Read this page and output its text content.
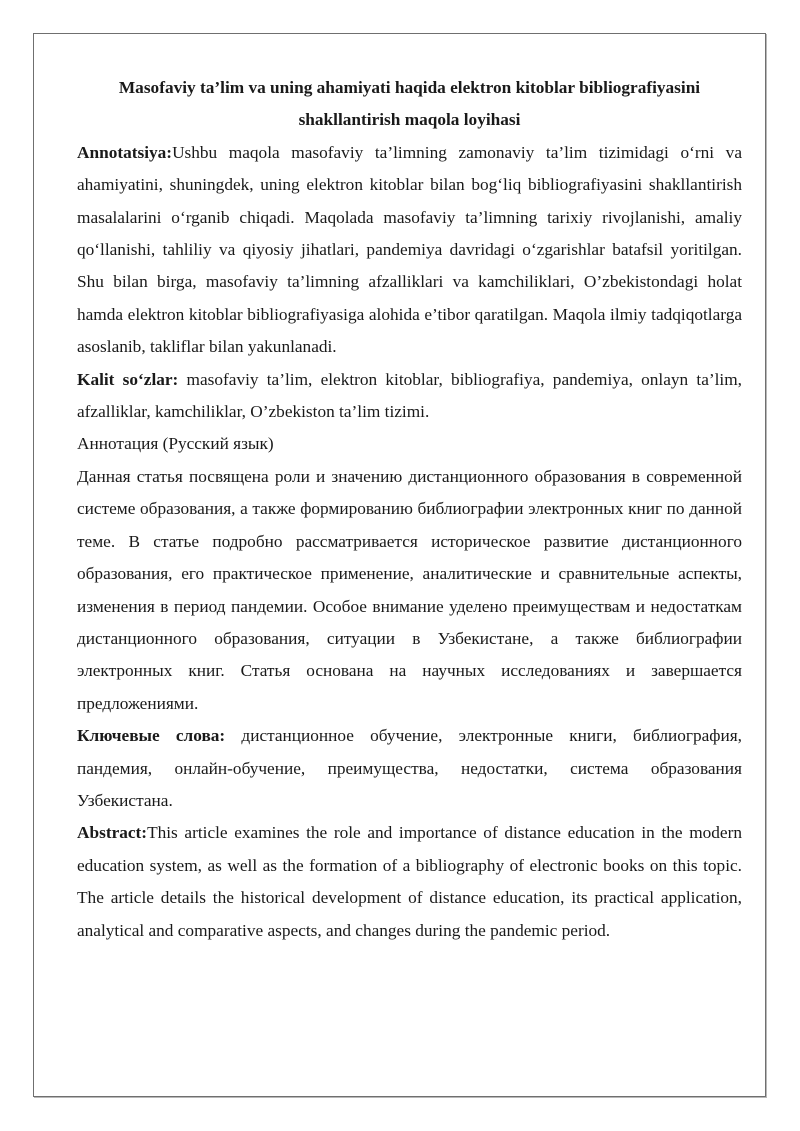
Masofaviy ta’lim va uning ahamiyati haqida elektron kitoblar bibliografiyasini
shakllantirish maqola loyihasi

Annotatsiya:Ushbu maqola masofaviy ta’limning zamonaviy ta’lim tizimidagi o‘rni va ahamiyatini, shuningdek, uning elektron kitoblar bilan bog‘liq bibliografiyasini shakllantirish masalalarini o‘rganib chiqadi. Maqolada masofaviy ta’limning tarixiy rivojlanishi, amaliy qo‘llanishi, tahliliy va qiyosiy jihatlari, pandemiya davridagi o‘zgarishlar batafsil yoritilgan. Shu bilan birga, masofaviy ta’limning afzalliklari va kamchiliklari, O’zbekistondagi holat hamda elektron kitoblar bibliografiyasiga alohida e’tibor qaratilgan. Maqola ilmiy tadqiqotlarga asoslanib, takliflar bilan yakunlanadi.

Kalit so‘zlar: masofaviy ta’lim, elektron kitoblar, bibliografiya, pandemiya, onlayn ta’lim, afzalliklar, kamchiliklar, O’zbekiston ta’lim tizimi.

Аннотация (Русский язык)

Данная статья посвящена роли и значению дистанционного образования в современной системе образования, а также формированию библиографии электронных книг по данной теме. В статье подробно рассматривается историческое развитие дистанционного образования, его практическое применение, аналитические и сравнительные аспекты, изменения в период пандемии. Особое внимание уделено преимуществам и недостаткам дистанционного образования, ситуации в Узбекистане, а также библиографии электронных книг. Статья основана на научных исследованиях и завершается предложениями.

Ключевые слова: дистанционное обучение, электронные книги, библиография, пандемия, онлайн-обучение, преимущества, недостатки, система образования Узбекистана.

Abstract:This article examines the role and importance of distance education in the modern education system, as well as the formation of a bibliography of electronic books on this topic. The article details the historical development of distance education, its practical application, analytical and comparative aspects, and changes during the pandemic period.
